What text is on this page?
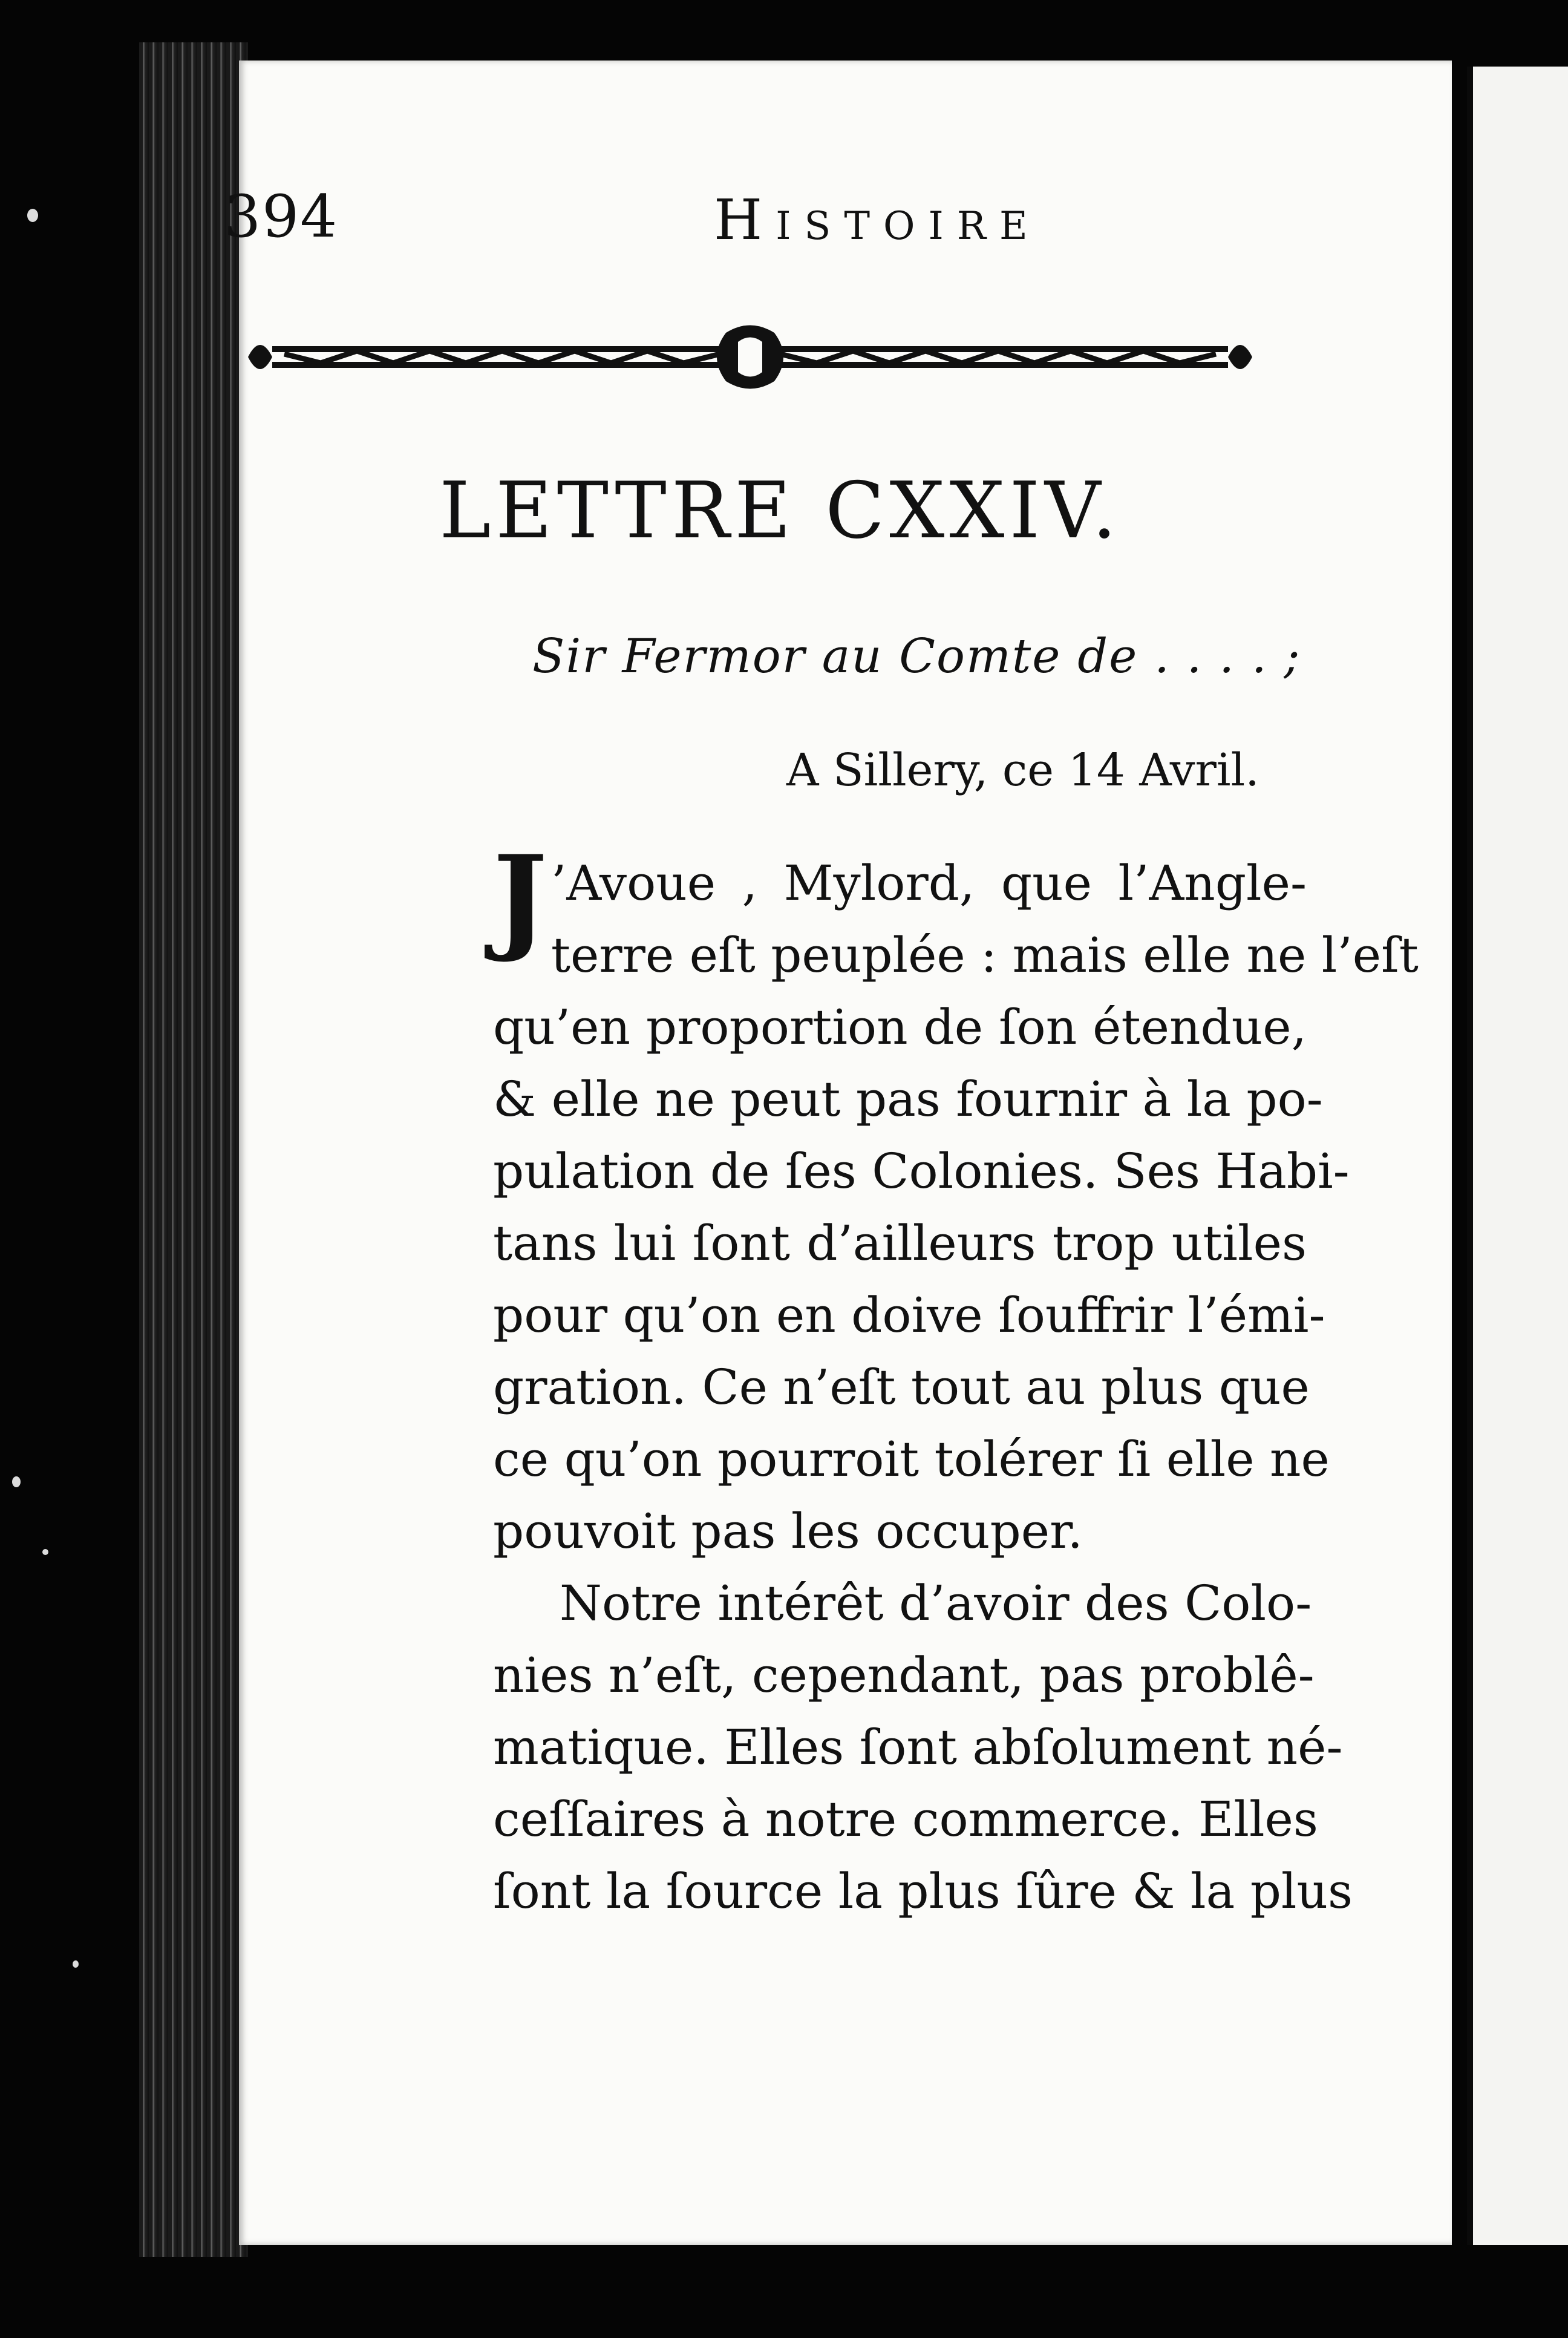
394	Histoire
LETTRE CXXIV.
Sir Fermor au Comte de . . . . ;
A Sillery, ce 14 Avril.
J ’Avoue , Mylord, que l’Angle-
terre eſt peuplée : mais elle ne l’eſt
qu’en proportion de ſon étendue,
& elle ne peut pas fournir à la po-
pulation de ſes Colonies. Ses Habi-
tans lui ſont d’ailleurs trop utiles
pour qu’on en doive ſouffrir l’émi-
gration. Ce n’eſt tout au plus que
ce qu’on pourroit tolérer ſi elle ne
pouvoit pas les occuper.
Notre intérêt d’avoir des Colo-
nies n’eſt, cependant, pas problê-
matique. Elles ſont abſolument né-
ceſſaires à notre commerce. Elles
ſont la ſource la plus ſûre & la plus
